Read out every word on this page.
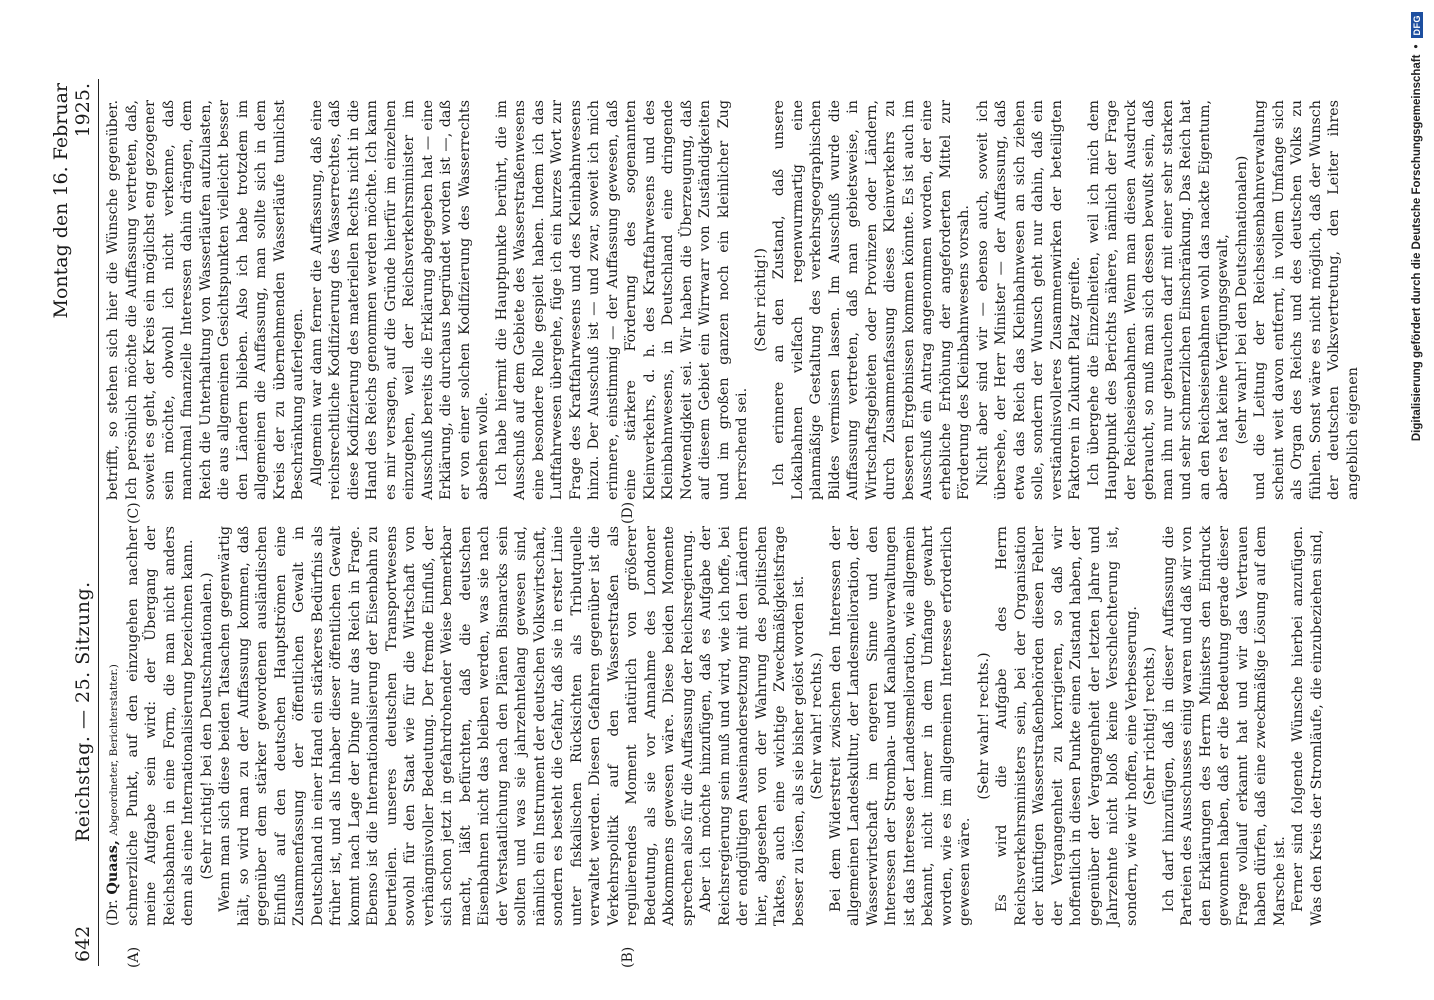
642
Reichstag. — 25. Sitzung.
Montag den 16. Februar 1925.
(A)	(B)
(C)	(D)

(Dr. Quaas, Abgeordneter, Berichterstatter.) schmerzliche Punkt, auf den einzugehen nachher meine Aufgabe sein wird: der Übergang der Reichsbahnen in eine Form, die man nicht anders denn als eine Internationalisierung bezeichnen kann. (Sehr richtig! bei den Deutschnationalen.) Wenn man sich diese beiden Tatsachen gegenwärtig hält, so wird man zu der Auffassung kommen, daß gegenüber dem stärker gewordenen ausländischen Einfluß auf den deutschen Hauptströmen eine Zusammenfassung der öffentlichen Gewalt in Deutschland in einer Hand ein stärkeres Bedürfnis als früher ist, und als Inhaber dieser öffentlichen Gewalt kommt nach Lage der Dinge nur das Reich in Frage. Ebenso ist die Internationalisierung der Eisenbahn zu beurteilen. unseres deutschen Transportwesens sowohl für den Staat wie für die Wirtschaft von verhängnisvoller Bedeutung. Der fremde Einfluß, der sich schon jetzt in gefahrdrohender Weise bemerkbar macht, läßt befürchten, daß die deutschen Eisenbahnen nicht das bleiben werden, was sie nach der Verstaatlichung nach den Plänen Bismarcks sein sollten und was sie jahrzehntelang gewesen sind, nämlich ein Instrument der deutschen Volkswirtschaft, sondern es besteht die Gefahr, daß sie in erster Linie unter fiskalischen Rücksichten als Tributquelle verwaltet werden. Diesen Gefahren gegenüber ist die Verkehrspolitik auf den Wasserstraßen als regulierendes Moment natürlich von größerer Bedeutung, als sie vor Annahme des Londoner Abkommens gewesen wäre. Diese beiden Momente sprechen also für die Auffassung der Reichsregierung. Aber ich möchte hinzufügen, daß es Aufgabe der Reichsregierung sein muß und wird, wie ich hoffe, bei der endgültigen Auseinandersetzung mit den Ländern hier, abgesehen von der Wahrung des politischen Taktes, auch eine wichtige Zweckmäßigkeitsfrage besser zu lösen, als sie bisher gelöst worden ist. (Sehr wahr! rechts.) Bei dem Widerstreit zwischen den Interessen der allgemeinen Landeskultur, der Landesmelioration, der Wasserwirtschaft im engeren Sinne und den Interessen der Strombau- und Kanalbauverwaltungen ist das Interesse der Landesmelioration, wie allgemein bekannt, nicht immer in dem Umfange gewahrt worden, wie es im allgemeinen Interesse erforderlich gewesen wäre.

(Sehr wahr! rechts.) Es wird die Aufgabe des Herrn Reichsverkehrsministers sein, bei der Organisation der künftigen Wasserstraßenbehörden diesen Fehler der Vergangenheit zu korrigieren, so daß wir hoffentlich in diesen Punkte einen Zustand haben, der gegenüber der Vergangenheit der letzten Jahre und Jahrzehnte nicht bloß keine Verschlechterung ist, sondern, wie wir hoffen, eine Verbesserung. (Sehr richtig! rechts.) Ich darf hinzufügen, daß in dieser Auffassung die Parteien des Ausschusses einig waren und daß wir von den Erklärungen des Herrn Ministers den Eindruck gewonnen haben, daß er die Bedeutung gerade dieser Frage vollauf erkannt hat und wir das Vertrauen haben dürfen, daß eine zweckmäßige Lösung auf dem Marsche ist. Ferner sind folgende Wünsche hierbei anzufügen. Was den Kreis der Stromläufe, die einzubeziehen sind,

betrifft, so stehen sich hier die Wünsche gegenüber. Ich persönlich möchte die Auffassung vertreten, daß, soweit es geht, der Kreis ein möglichst eng gezogener sein möchte, obwohl ich nicht verkenne, daß manchmal finanzielle Interessen dahin drängen, dem Reich die Unterhaltung von Wasserläufen aufzulasten, die aus allgemeinen Gesichtspunkten vielleicht besser den Ländern blieben. Also ich habe trotzdem im allgemeinen die Auffassung, man sollte sich in dem Kreis der zu übernehmenden Wasserläufe tunlichst Beschränkung auferlegen. Allgemein war dann ferner die Auffassung, daß eine reichsrechtliche Kodifizierung des Wasserrechtes, daß diese Kodifizierung des materiellen Rechts nicht in die Hand des Reichs genommen werden möchte. Ich kann es mir versagen, auf die Gründe hierfür im einzelnen einzugehen, weil der Reichsverkehrsminister im Ausschuß bereits die Erklärung abgegeben hat — eine Erklärung, die durchaus begründet worden ist —, daß er von einer solchen Kodifizierung des Wasserrechts absehen wolle. Ich habe hiermit die Hauptpunkte berührt, die im Ausschuß auf dem Gebiete des Wasserstraßenwesens eine besondere Rolle gespielt haben. Indem ich das Luftfahrwesen übergehe, füge ich ein kurzes Wort zur Frage des Kraftfahrwesens und des Kleinbahnwesens hinzu. Der Ausschuß ist — und zwar, soweit ich mich erinnere, einstimmig — der Auffassung gewesen, daß eine stärkere Förderung des sogenannten Kleinverkehrs, d. h. des Kraftfahrwesens und des Kleinbahnwesens, in Deutschland eine dringende Notwendigkeit sei. Wir haben die Überzeugung, daß auf diesem Gebiet ein Wirrwarr von Zuständigkeiten und im großen ganzen noch ein kleinlicher Zug herrschend sei.

(Sehr richtig!) Ich erinnere an den Zustand, daß unsere Lokalbahnen vielfach regenwurmartig eine planmäßige Gestaltung des verkehrsgeographischen Bildes vermissen lassen. Im Ausschuß wurde die Auffassung vertreten, daß man gebietsweise, in Wirtschaftsgebieten oder Provinzen oder Ländern, durch Zusammenfassung dieses Kleinverkehrs zu besseren Ergebnissen kommen könnte. Es ist auch im Ausschuß ein Antrag angenommen worden, der eine erhebliche Erhöhung der angeforderten Mittel zur Förderung des Kleinbahnwesens vorsah. Nicht aber sind wir — ebenso auch, soweit ich übersehe, der Herr Minister — der Auffassung, daß etwa das Reich das Kleinbahnwesen an sich ziehen solle, sondern der Wunsch geht nur dahin, daß ein verständnisvolleres Zusammenwirken der beteiligten Faktoren in Zukunft Platz greifte. Ich übergehe die Einzelheiten, weil ich mich dem Hauptpunkt des Berichts nähere, nämlich der Frage der Reichseisenbahnen. Wenn man diesen Ausdruck gebraucht, so muß man sich dessen bewußt sein, daß man ihn nur gebrauchen darf mit einer sehr starken und sehr schmerzlichen Einschränkung. Das Reich hat an den Reichseisenbahnen wohl das nackte Eigentum, aber es hat keine Verfügungsgewalt, (sehr wahr! bei den Deutschnationalen) und die Leitung der Reichseisenbahnverwaltung scheint weit davon entfernt, in vollem Umfange sich als Organ des Reichs und des deutschen Volks zu fühlen. Sonst wäre es nicht möglich, daß der Wunsch der deutschen Volksvertretung, den Leiter ihres angeblich eigenen	Digitalisierung gefördert durch die Deutsche Forschungsgemeinschaft
•
DFG
